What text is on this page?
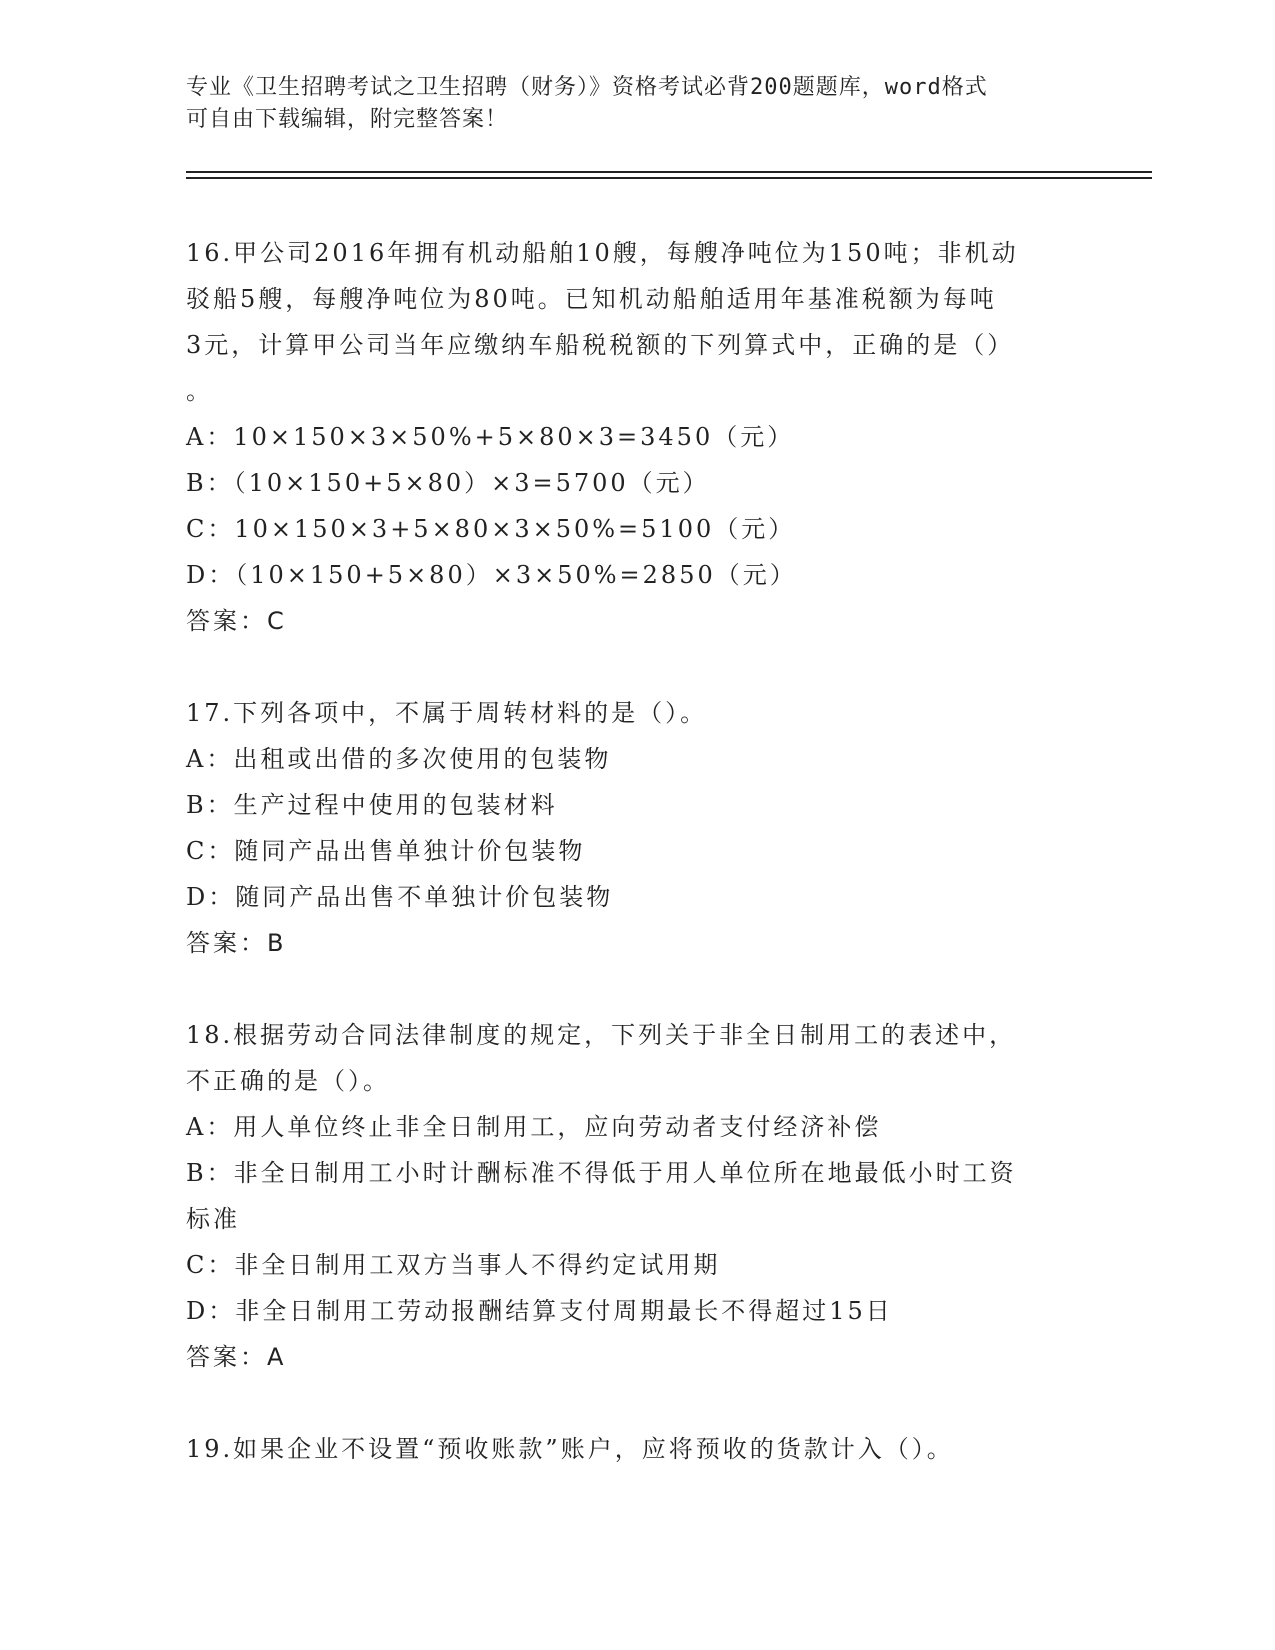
专业《卫生招聘考试之卫生招聘（财务）》资格考试必背200题题库，word格式
可自由下载编辑，附完整答案！
16.甲公司2016年拥有机动船舶10艘，每艘净吨位为150吨；非机动
驳船5艘，每艘净吨位为80吨。已知机动船舶适用年基准税额为每吨
3元，计算甲公司当年应缴纳车船税税额的下列算式中，正确的是（）
。
A：10×150×3×50%+5×80×3=3450（元）
B：（10×150+5×80）×3=5700（元）
C：10×150×3+5×80×3×50%=5100（元）
D：（10×150+5×80）×3×50%=2850（元）
答案：C
17.下列各项中，不属于周转材料的是（）。
A：出租或出借的多次使用的包装物
B：生产过程中使用的包装材料
C：随同产品出售单独计价包装物
D：随同产品出售不单独计价包装物
答案：B
18.根据劳动合同法律制度的规定，下列关于非全日制用工的表述中，
不正确的是（）。
A：用人单位终止非全日制用工，应向劳动者支付经济补偿
B：非全日制用工小时计酬标准不得低于用人单位所在地最低小时工资
标准
C：非全日制用工双方当事人不得约定试用期
D：非全日制用工劳动报酬结算支付周期最长不得超过15日
答案：A
19.如果企业不设置“预收账款”账户，应将预收的货款计入（）。
